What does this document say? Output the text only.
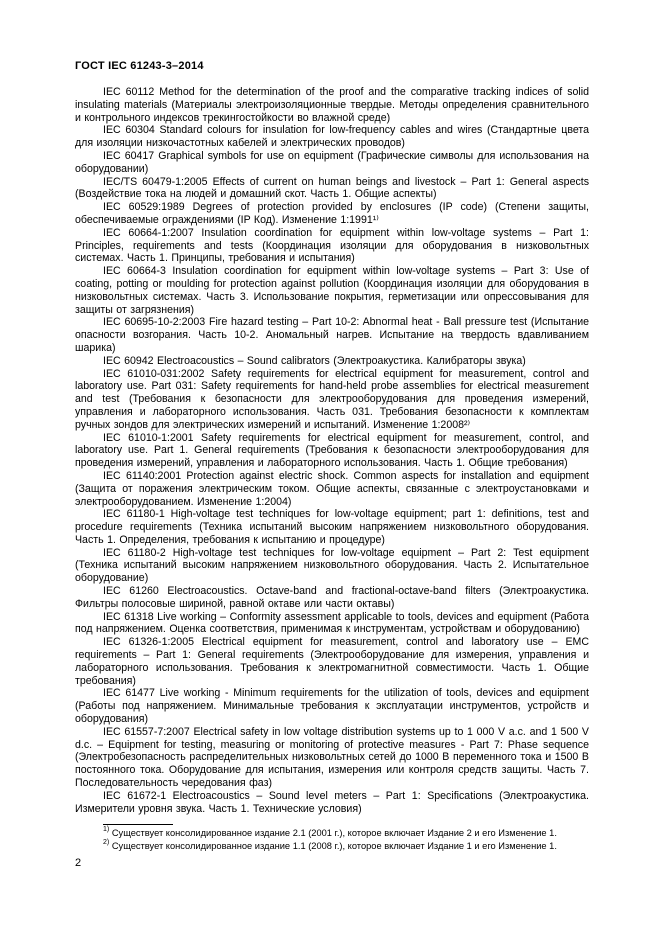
ГОСТ IEC 61243-3–2014

IEC 60112 Method for the determination of the proof and the comparative tracking indices of solid insulating materials (Материалы электроизоляционные твердые. Методы определения сравнительного и контрольного индексов трекингостойкости во влажной среде)

IEC 60304 Standard colours for insulation for low-frequency cables and wires (Стандартные цвета для изоляции низкочастотных кабелей и электрических проводов)

IEC 60417 Graphical symbols for use on equipment (Графические символы для использования на оборудовании)

IEC/TS 60479-1:2005 Effects of current on human beings and livestock – Part 1: General aspects (Воздействие тока на людей и домашний скот. Часть 1. Общие аспекты)

IEC 60529:1989 Degrees of protection provided by enclosures (IP code) (Степени защиты, обеспечиваемые ограждениями (IP Код). Изменение 1:1991¹⁾

IEC 60664-1:2007 Insulation coordination for equipment within low-voltage systems – Part 1: Principles, requirements and tests (Координация изоляции для оборудования в низковольтных системах. Часть 1. Принципы, требования и испытания)

IEC 60664-3 Insulation coordination for equipment within low-voltage systems – Part 3: Use of coating, potting or moulding for protection against pollution (Координация изоляции для оборудования в низковольтных системах. Часть 3. Использование покрытия, герметизации или опрессовывания для защиты от загрязнения)

IEC 60695-10-2:2003 Fire hazard testing – Part 10-2: Abnormal heat - Ball pressure test (Испытание опасности возгорания. Часть 10-2. Аномальный нагрев. Испытание на твердость вдавливанием шарика)

IEC 60942 Electroacoustics – Sound calibrators (Электроакустика. Калибраторы звука)

IEC 61010-031:2002 Safety requirements for electrical equipment for measurement, control and laboratory use. Part 031: Safety requirements for hand-held probe assemblies for electrical measurement and test (Требования к безопасности для электрооборудования для проведения измерений, управления и лабораторного использования. Часть 031. Требования безопасности к комплектам ручных зондов для электрических измерений и испытаний. Изменение 1:2008²⁾

IEC 61010-1:2001 Safety requirements for electrical equipment for measurement, control, and laboratory use. Part 1. General requirements (Требования к безопасности электрооборудования для проведения измерений, управления и лабораторного использования. Часть 1. Общие требования)

IEC 61140:2001 Protection against electric shock. Common aspects for installation and equipment (Защита от поражения электрическим током. Общие аспекты, связанные с электроустановками и электрооборудованием. Изменение 1:2004)

IEC 61180-1 High-voltage test techniques for low-voltage equipment; part 1: definitions, test and procedure requirements (Техника испытаний высоким напряжением низковольтного оборудования. Часть 1. Определения, требования к испытанию и процедуре)

IEC 61180-2 High-voltage test techniques for low-voltage equipment – Part 2: Test equipment (Техника испытаний высоким напряжением низковольтного оборудования. Часть 2. Испытательное оборудование)

IEC 61260 Electroacoustics. Octave-band and fractional-octave-band filters (Электроакустика. Фильтры полосовые шириной, равной октаве или части октавы)

IEC 61318 Live working – Conformity assessment applicable to tools, devices and equipment (Работа под напряжением. Оценка соответствия, применимая к инструментам, устройствам и оборудованию)

IEC 61326-1:2005 Electrical equipment for measurement, control and laboratory use – EMC requirements – Part 1: General requirements (Электрооборудование для измерения, управления и лабораторного использования. Требования к электромагнитной совместимости. Часть 1. Общие требования)

IEC 61477 Live working - Minimum requirements for the utilization of tools, devices and equipment (Работы под напряжением. Минимальные требования к эксплуатации инструментов, устройств и оборудования)

IEC 61557-7:2007 Electrical safety in low voltage distribution systems up to 1 000 V a.c. and 1 500 V d.c. – Equipment for testing, measuring or monitoring of protective measures - Part 7: Phase sequence (Электробезопасность распределительных низковольтных сетей до 1000 В переменного тока и 1500 В постоянного тока. Оборудование для испытания, измерения или контроля средств защиты. Часть 7. Последовательность чередования фаз)

IEC 61672-1 Electroacoustics – Sound level meters – Part 1: Specifications (Электроакустика. Измерители уровня звука. Часть 1. Технические условия)

$^{1)}$ Существует консолидированное издание 2.1 (2001 г.), которое включает Издание 2 и его Изменение 1.

$^{2)}$ Существует консолидированное издание 1.1 (2008 г.), которое включает Издание 1 и его Изменение 1.

2
